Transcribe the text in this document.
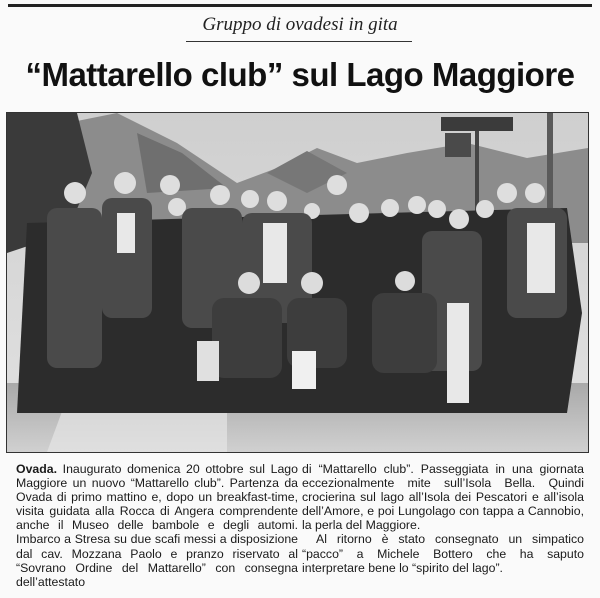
Gruppo di ovadesi in gita
“Mattarello club” sul Lago Maggiore

Ovada. Inaugurato domenica 20 ottobre sul Lago Maggiore un nuovo “Mattarello club”. Partenza da Ovada di primo mattino e, dopo un breakfast-time, visita guidata alla Rocca di Angera comprendente anche il Museo delle bambole e degli automi. Imbarco a Stresa su due scafi messi a disposizione dal cav. Mozzana Paolo e pranzo riservato al “Sovrano Ordine del Mattarello” con consegna dell’attestato

di “Mattarello club”. Passeggiata in una giornata eccezionalmente mite sull’Isola Bella. Quindi crocierina sul lago all’Isola dei Pescatori e all’isola dell’Amore, e poi Lungolago con tappa a Cannobio, la perla del Maggiore.

Al ritorno è stato consegnato un simpatico “pacco” a Michele Bottero che ha saputo interpretare bene lo “spirito del lago”.
